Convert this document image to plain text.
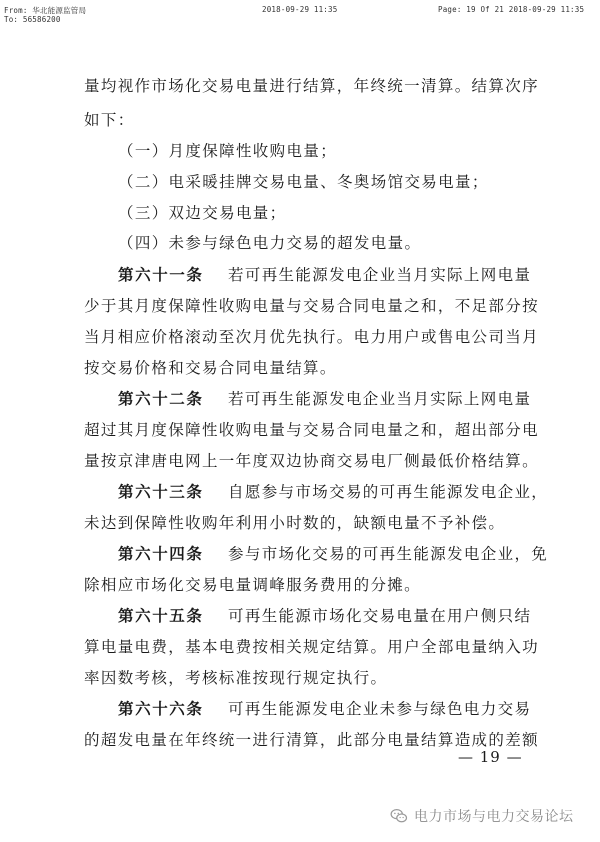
From: 华北能源监管局
To: 56586200
2018-09-29 11:35	Page: 19 Of 21 2018-09-29 11:35
量均视作市场化交易电量进行结算，年终统一清算。结算次序
如下：
（一）月度保障性收购电量；
（二）电采暖挂牌交易电量、冬奥场馆交易电量；
（三）双边交易电量；
（四）未参与绿色电力交易的超发电量。
第六十一条 若可再生能源发电企业当月实际上网电量
少于其月度保障性收购电量与交易合同电量之和，不足部分按
当月相应价格滚动至次月优先执行。电力用户或售电公司当月
按交易价格和交易合同电量结算。
第六十二条 若可再生能源发电企业当月实际上网电量
超过其月度保障性收购电量与交易合同电量之和，超出部分电
量按京津唐电网上一年度双边协商交易电厂侧最低价格结算。
第六十三条 自愿参与市场交易的可再生能源发电企业，
未达到保障性收购年利用小时数的，缺额电量不予补偿。
第六十四条 参与市场化交易的可再生能源发电企业，免
除相应市场化交易电量调峰服务费用的分摊。
第六十五条 可再生能源市场化交易电量在用户侧只结
算电量电费，基本电费按相关规定结算。用户全部电量纳入功
率因数考核，考核标准按现行规定执行。
第六十六条 可再生能源发电企业未参与绿色电力交易
的超发电量在年终统一进行清算，此部分电量结算造成的差额
— 19 —
电力市场与电力交易论坛
